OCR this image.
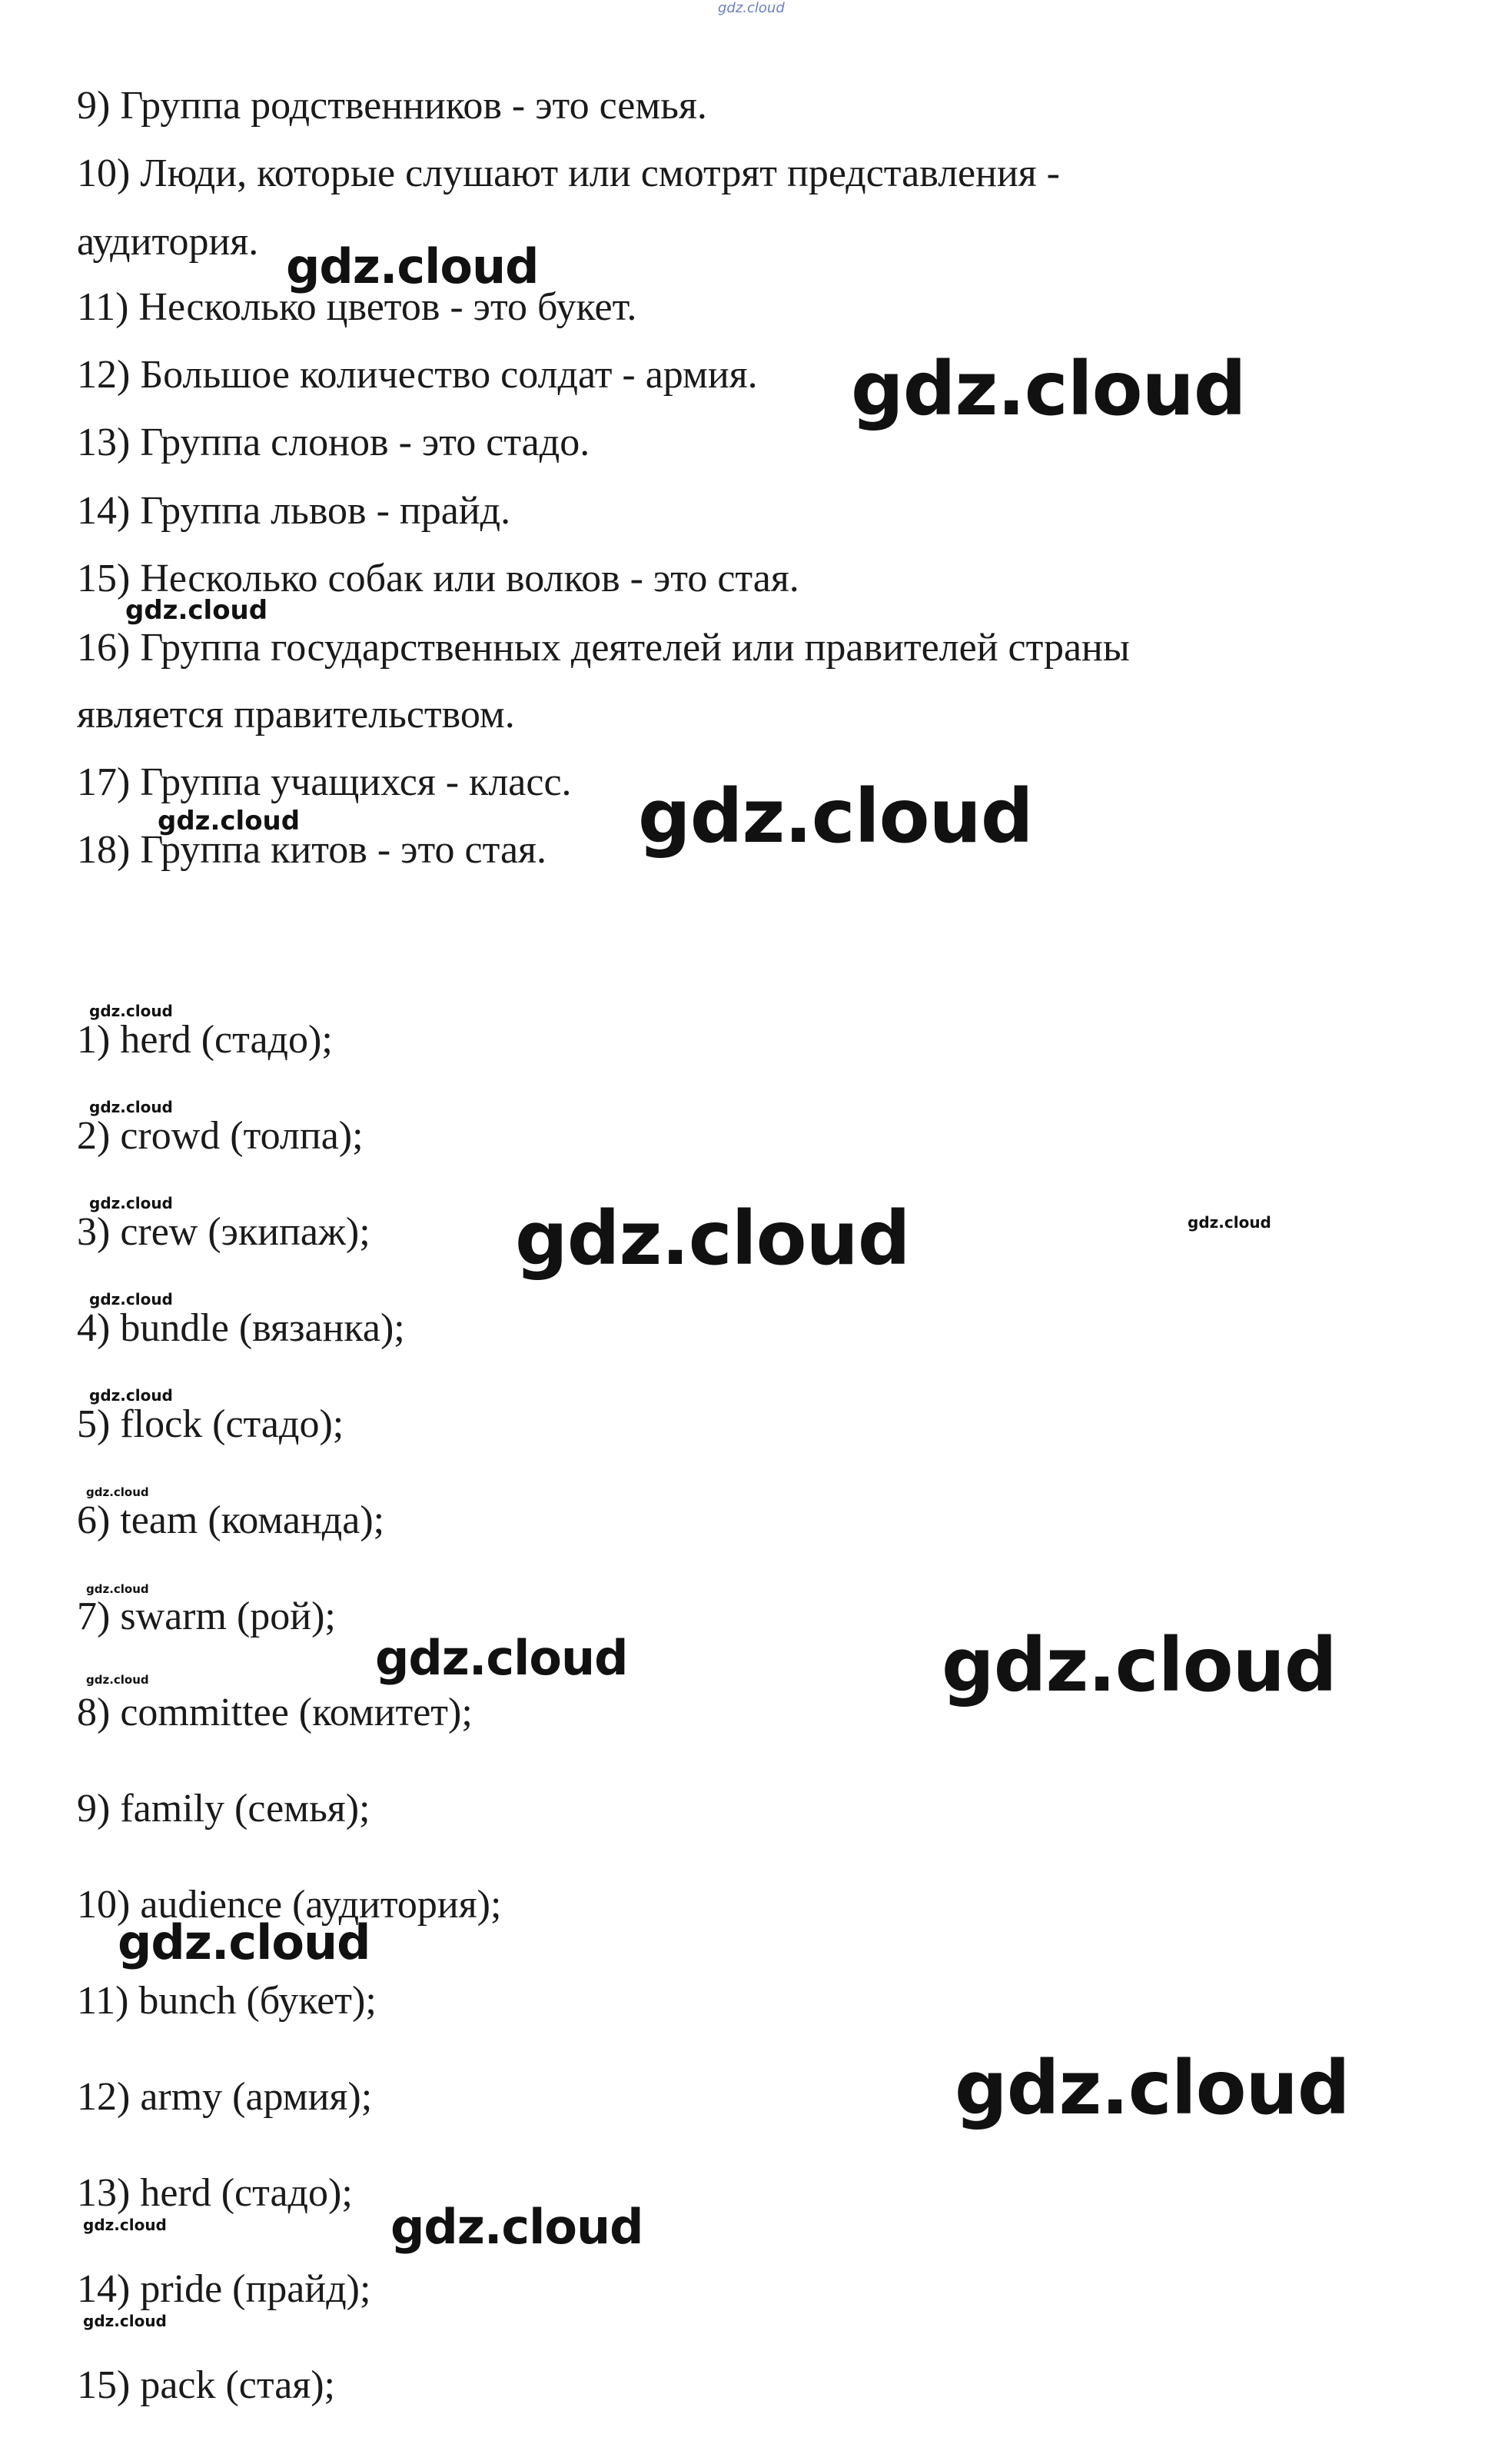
gdz.cloud
9) Группа родственников - это семья.
10) Люди, которые слушают или смотрят представления -
аудитория.
11) Несколько цветов - это букет.
12) Большое количество солдат - армия.
13) Группа слонов - это стадо.
14) Группа львов - прайд.
15) Несколько собак или волков - это стая.
16) Группа государственных деятелей или правителей страны
является правительством.
17) Группа учащихся - класс.
18) Группа китов - это стая.
1) herd (стадо);
2) crowd (толпа);
3) crew (экипаж);
4) bundle (вязанка);
5) flock (стадо);
6) team (команда);
7) swarm (рой);
8) committee (комитет);
9) family (семья);
10) audience (аудитория);
11) bunch (букет);
12) army (армия);
13) herd (стадо);
14) pride (прайд);
15) pack (стая);
gdz.cloud
gdz.cloud
gdz.cloud
gdz.cloud
gdz.cloud
gdz.cloud
gdz.cloud
gdz.cloud	gdz.cloud	gdz.cloud
gdz.cloud
gdz.cloud
gdz.cloud
gdz.cloud
gdz.cloud	gdz.cloud
gdz.cloud
gdz.cloud
gdz.cloud
gdz.cloud
gdz.cloud
gdz.cloud
